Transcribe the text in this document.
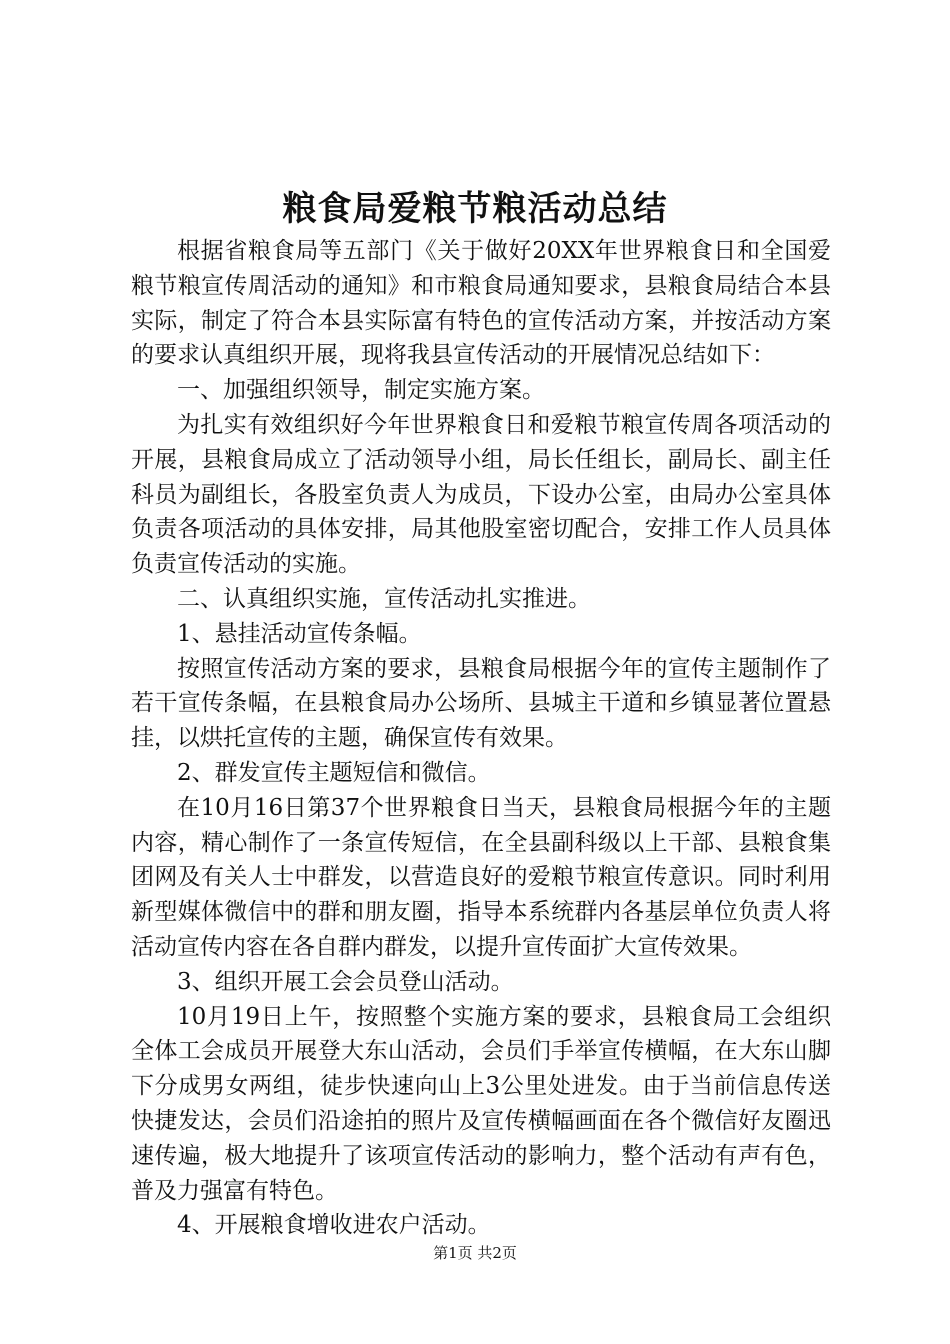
粮食局爱粮节粮活动总结

根据省粮食局等五部门《关于做好20XX年世界粮食日和全国爱粮节粮宣传周活动的通知》和市粮食局通知要求，县粮食局结合本县实际，制定了符合本县实际富有特色的宣传活动方案，并按活动方案的要求认真组织开展，现将我县宣传活动的开展情况总结如下：

一、加强组织领导，制定实施方案。

为扎实有效组织好今年世界粮食日和爱粮节粮宣传周各项活动的开展，县粮食局成立了活动领导小组，局长任组长，副局长、副主任科员为副组长，各股室负责人为成员，下设办公室，由局办公室具体负责各项活动的具体安排，局其他股室密切配合，安排工作人员具体负责宣传活动的实施。

二、认真组织实施，宣传活动扎实推进。

1、悬挂活动宣传条幅。

按照宣传活动方案的要求，县粮食局根据今年的宣传主题制作了若干宣传条幅，在县粮食局办公场所、县城主干道和乡镇显著位置悬挂，以烘托宣传的主题，确保宣传有效果。

2、群发宣传主题短信和微信。

在10月16日第37个世界粮食日当天，县粮食局根据今年的主题内容，精心制作了一条宣传短信，在全县副科级以上干部、县粮食集团网及有关人士中群发，以营造良好的爱粮节粮宣传意识。同时利用新型媒体微信中的群和朋友圈，指导本系统群内各基层单位负责人将活动宣传内容在各自群内群发，以提升宣传面扩大宣传效果。

3、组织开展工会会员登山活动。

10月19日上午，按照整个实施方案的要求，县粮食局工会组织全体工会成员开展登大东山活动，会员们手举宣传横幅，在大东山脚下分成男女两组，徒步快速向山上3公里处进发。由于当前信息传送快捷发达，会员们沿途拍的照片及宣传横幅画面在各个微信好友圈迅速传遍，极大地提升了该项宣传活动的影响力，整个活动有声有色，普及力强富有特色。

4、开展粮食增收进农户活动。

第1页 共2页
